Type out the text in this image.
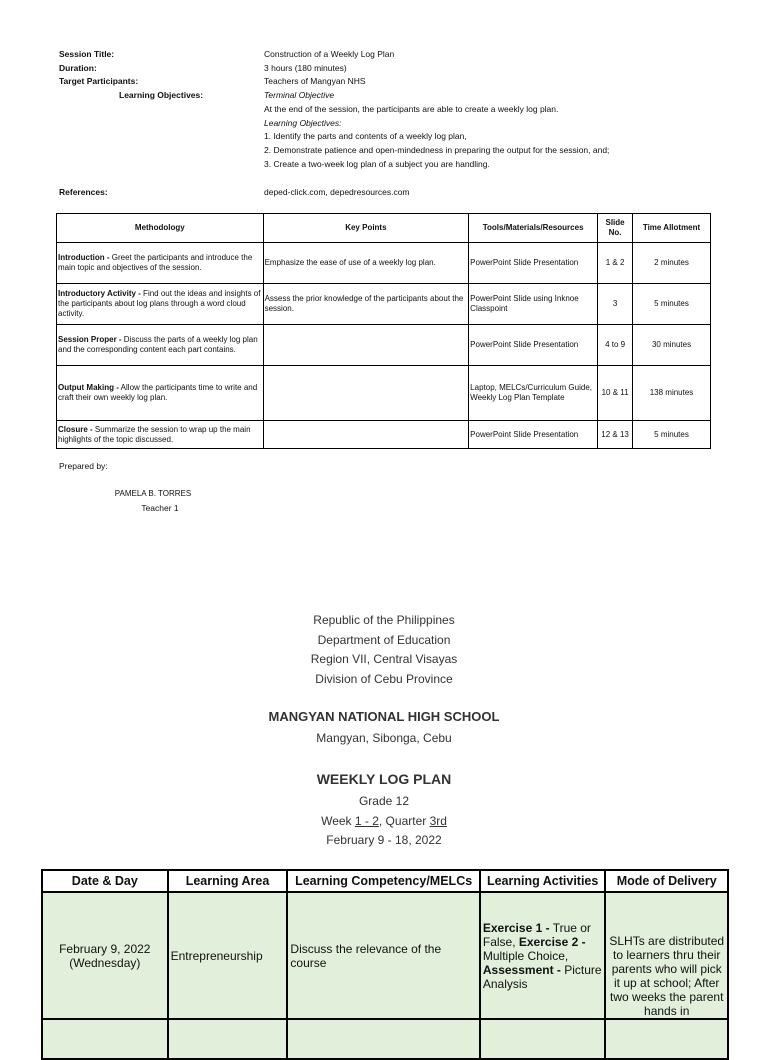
Session Title:	Construction of a Weekly Log Plan
Duration:	3 hours (180 minutes)
Target Participants:	Teachers of Mangyan NHS
Learning Objectives:	Terminal Objective
At the end of the session, the participants are able to create a weekly log plan.
Learning Objectives:
1. Identify the parts and contents of a weekly log plan,
2. Demonstrate patience and open-mindedness in preparing the output for the session, and;
3. Create a two-week log plan of a subject you are handling.
References:	deped-click.com, depedresources.com
Methodology	Key Points	Tools/Materials/Resources	Slide No.	Time Allotment
Introduction - Greet the participants and introduce the main topic and objectives of the session.	Emphasize the ease of use of a weekly log plan.	PowerPoint Slide Presentation	1 & 2	2 minutes
Introductory Activity - Find out the ideas and insights of the participants about log plans through a word cloud activity.	Assess the prior knowledge of the participants about the session.	PowerPoint Slide using Inknoe Classpoint	3	5 minutes
Session Proper - Discuss the parts of a weekly log plan and the corresponding content each part contains.		PowerPoint Slide Presentation	4 to 9	30 minutes
Output Making - Allow the participants time to write and craft their own weekly log plan.		Laptop, MELCs/Curriculum Guide, Weekly Log Plan Template	10 & 11	138 minutes
Closure - Summarize the session to wrap up the main highlights of the topic discussed.		PowerPoint Slide Presentation	12 & 13	5 minutes
Prepared by:
PAMELA B. TORRES
Teacher 1
Republic of the Philippines
Department of Education
Region VII, Central Visayas
Division of Cebu Province
MANGYAN NATIONAL HIGH SCHOOL
Mangyan, Sibonga, Cebu
WEEKLY LOG PLAN
Grade 12
Week 1 - 2, Quarter 3rd
February 9 - 18, 2022
Date & Day	Learning Area	Learning Competency/MELCs	Learning Activities	Mode of Delivery
February 9, 2022 (Wednesday)	Entrepreneurship	Discuss the relevance of the course	Exercise 1 - True or False, Exercise 2 - Multiple Choice, Assessment - Picture Analysis	SLHTs are distributed to learners thru their parents who will pick it up at school; After two weeks the parent hands in
